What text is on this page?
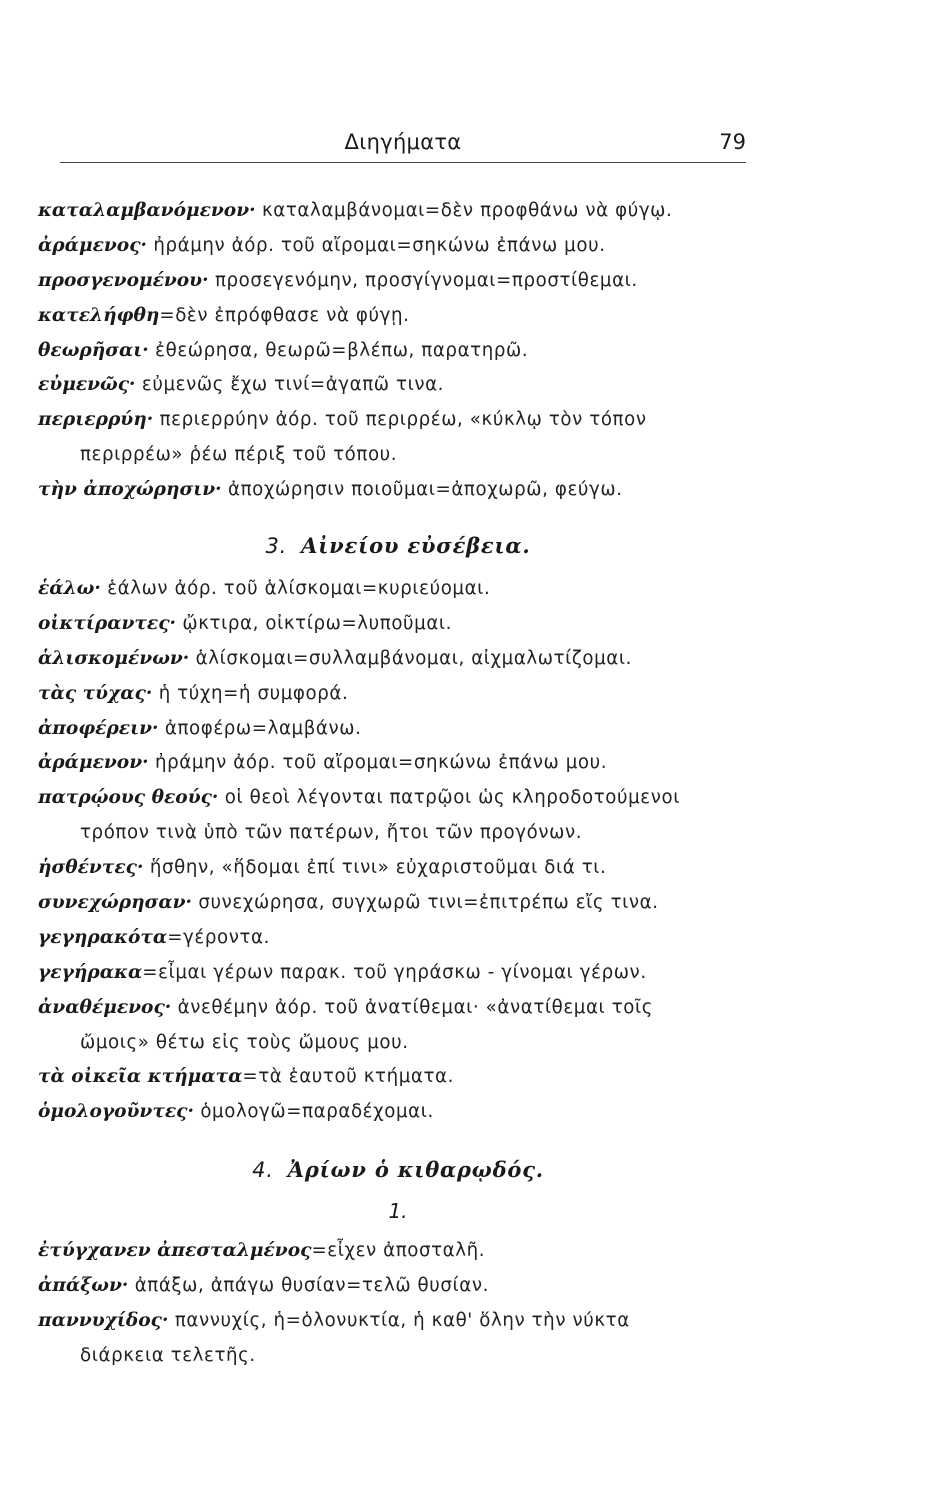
Διηγήματα	79
καταλαμβανόμενον· καταλαμβάνομαι=δὲν προφθάνω νὰ φύγῳ.
ἀράμενος· ἠράμην ἀόρ. τοῦ αἴρομαι=σηκώνω ἐπάνω μου.
προσγενομένου· προσεγενόμην, προσγίγνομαι=προστίθεμαι.
κατελήφθη=δὲν ἐπρόφθασε νὰ φύγῃ.
θεωρῆσαι· ἐθεώρησα, θεωρῶ=βλέπω, παρατηρῶ.
εὐμενῶς· εὐμενῶς ἔχω τινί=ἀγαπῶ τινα.
περιερρύη· περιερρύην ἀόρ. τοῦ περιρρέω, «κύκλῳ τὸν τόπον
περιρρέω» ῥέω πέριξ τοῦ τόπου.
τὴν ἀποχώρησιν· ἀποχώρησιν ποιοῦμαι=ἀποχωρῶ, φεύγω.
3. Αἰνείου εὐσέβεια.
ἑάλω· ἑάλων ἀόρ. τοῦ ἁλίσκομαι=κυριεύομαι.
οἰκτίραντες· ᾤκτιρα, οἰκτίρω=λυποῦμαι.
ἁλισκομένων· ἁλίσκομαι=συλλαμβάνομαι, αἰχμαλωτίζομαι.
τὰς τύχας· ἡ τύχη=ἡ συμφορά.
ἀποφέρειν· ἀποφέρω=λαμβάνω.
ἀράμενον· ἠράμην ἀόρ. τοῦ αἴρομαι=σηκώνω ἐπάνω μου.
πατρῴους θεούς· οἱ θεοὶ λέγονται πατρῷοι ὡς κληροδοτούμενοι
τρόπον τινὰ ὑπὸ τῶν πατέρων, ἤτοι τῶν προγόνων.
ἡσθέντες· ἥσθην, «ἥδομαι ἐπί τινι» εὐχαριστοῦμαι διά τι.
συνεχώρησαν· συνεχώρησα, συγχωρῶ τινι=ἐπιτρέπω εἴς τινα.
γεγηρακότα=γέροντα.
γεγήρακα=εἶμαι γέρων παρακ. τοῦ γηράσκω - γίνομαι γέρων.
ἀναθέμενος· ἀνεθέμην ἀόρ. τοῦ ἀνατίθεμαι· «ἀνατίθεμαι τοῖς
ὤμοις» θέτω εἰς τοὺς ὤμους μου.
τὰ οἰκεῖα κτήματα=τὰ ἑαυτοῦ κτήματα.
ὁμολογοῦντες· ὁμολογῶ=παραδέχομαι.
4. Ἀρίων ὁ κιθαρῳδός.
1.
ἐτύγχανεν ἀπεσταλμένος=εἶχεν ἀποσταλῆ.
ἀπάξων· ἀπάξω, ἀπάγω θυσίαν=τελῶ θυσίαν.
παννυχίδος· παννυχίς, ἡ=ὁλονυκτία, ἡ καθ' ὅλην τὴν νύκτα
διάρκεια τελετῆς.
